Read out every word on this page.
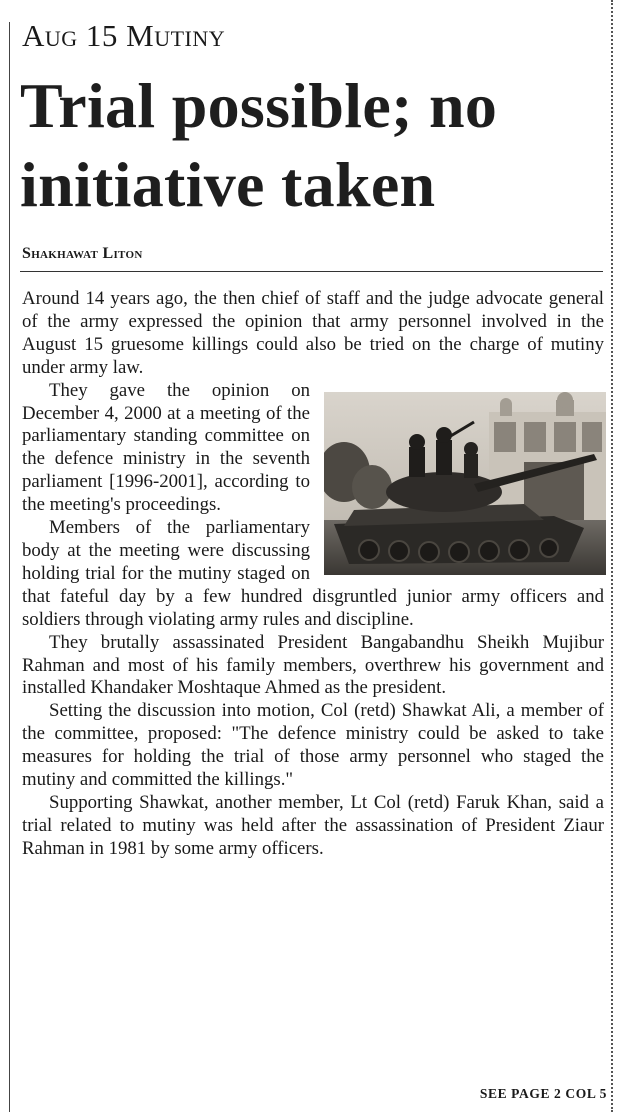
Aug 15 Mutiny
Trial possible; no initiative taken
Shakhawat Liton

Around 14 years ago, the then chief of staff and the judge advocate general of the army expressed the opinion that army personnel involved in the August 15 gruesome killings could also be tried on the charge of mutiny under army law.

They gave the opinion on December 4, 2000 at a meeting of the parliamentary standing committee on the defence ministry in the seventh parliament [1996-2001], according to the meeting's proceedings.

Members of the parliamentary body at the meeting were discussing holding trial for the mutiny staged on that fateful day by a few hundred disgruntled junior army officers and soldiers through violating army rules and discipline.

They brutally assassinated President Bangabandhu Sheikh Mujibur Rahman and most of his family members, overthrew his government and installed Khandaker Moshtaque Ahmed as the president.

Setting the discussion into motion, Col (retd) Shawkat Ali, a member of the committee, proposed: "The defence ministry could be asked to take measures for holding the trial of those army personnel who staged the mutiny and committed the killings."

Supporting Shawkat, another member, Lt Col (retd) Faruk Khan, said a trial related to mutiny was held after the assassination of President Ziaur Rahman in 1981 by some army officers.

SEE PAGE 2 COL 5
